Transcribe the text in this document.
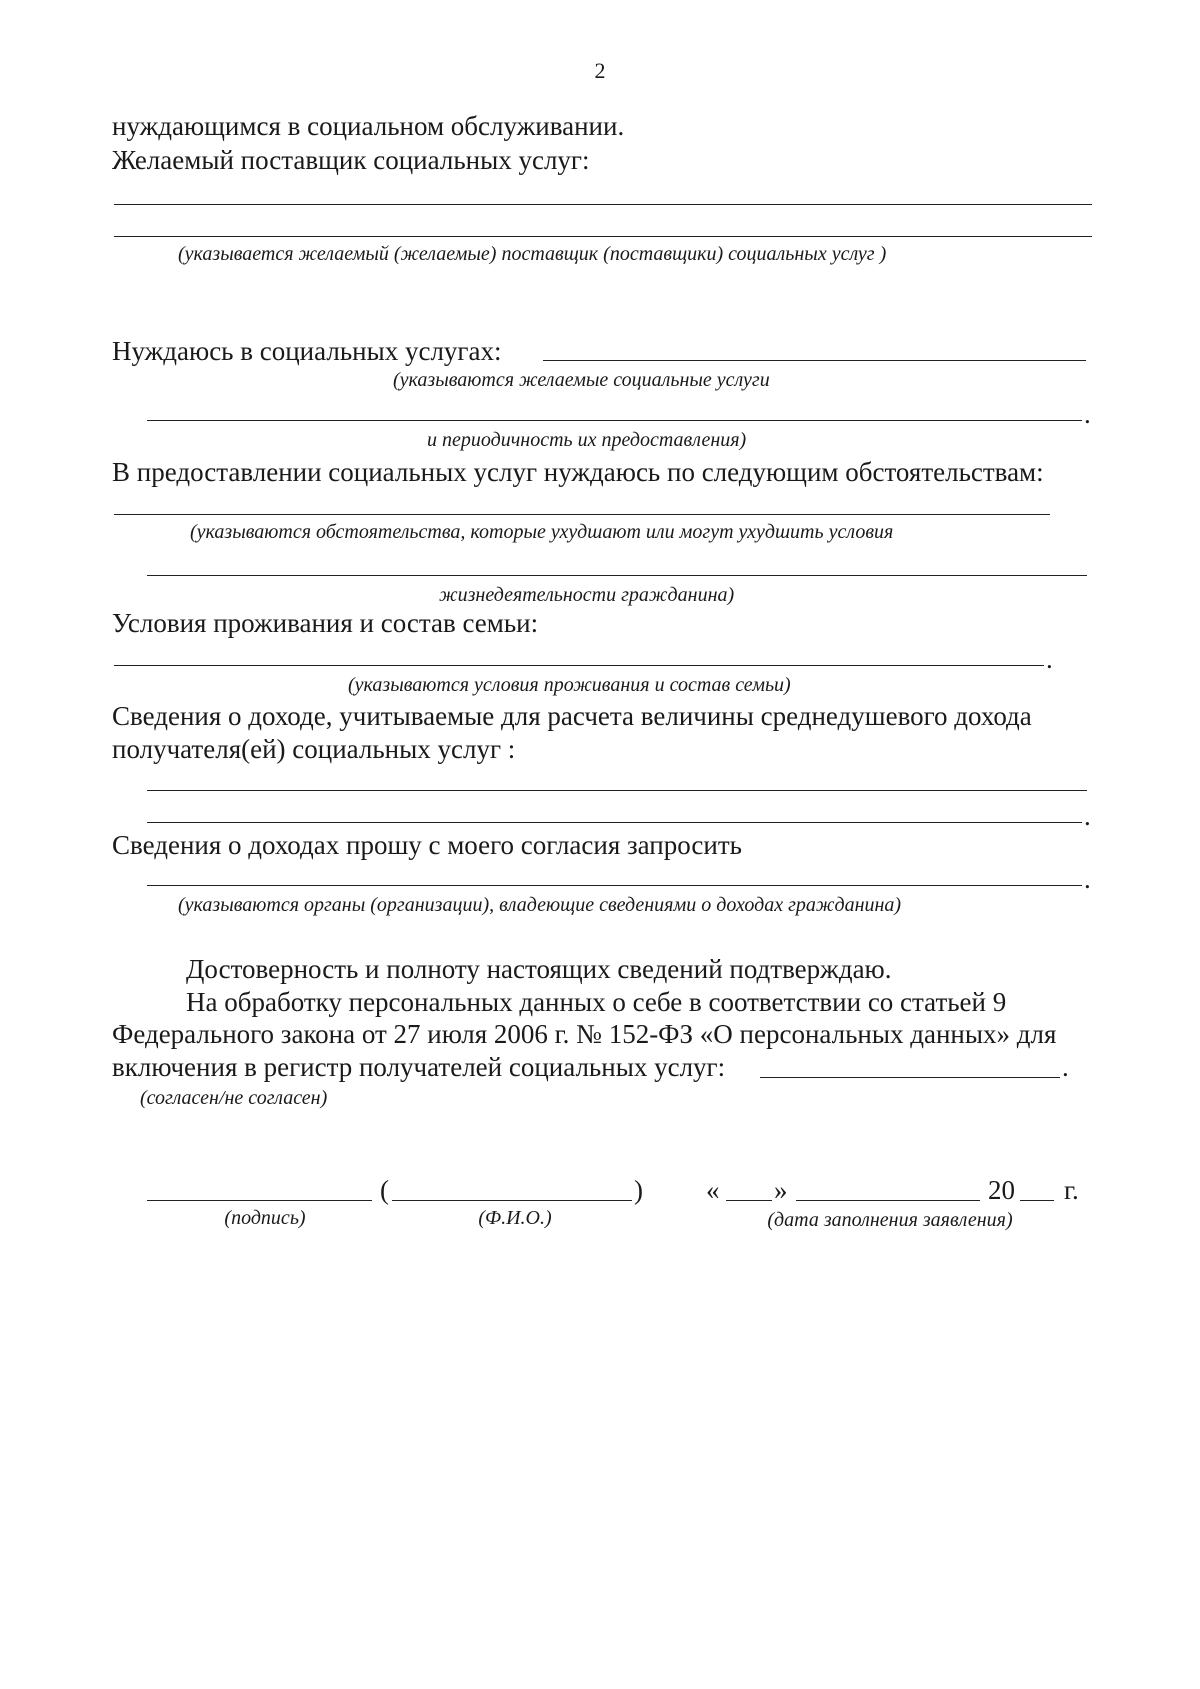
2
нуждающимся в социальном обслуживании.
Желаемый поставщик социальных услуг:
(указывается желаемый (желаемые) поставщик (поставщики) социальных услуг )
Нуждаюсь в социальных услугах:
(указываются желаемые социальные услуги
.
и периодичность их предоставления)
В предоставлении социальных услуг нуждаюсь по следующим обстоятельствам:
(указываются обстоятельства, которые ухудшают или могут ухудшить условия
жизнедеятельности гражданина)
Условия проживания и состав семьи:
.
(указываются условия проживания и состав семьи)
Сведения о доходе, учитываемые для расчета величины среднедушевого дохода
получателя(ей) социальных услуг :
.
Сведения о доходах прошу с моего согласия запросить
.
(указываются органы (организации), владеющие сведениями о доходах гражданина)
Достоверность и полноту настоящих сведений подтверждаю.
На обработку персональных данных о себе в соответствии со статьей 9
Федерального закона от 27 июля 2006 г. № 152-ФЗ «О персональных данных» для
включения в регистр получателей социальных услуг:	.
(согласен/не согласен)
(	) « »	20 г.
(подпись)	(Ф.И.О.)	(дата заполнения заявления)
